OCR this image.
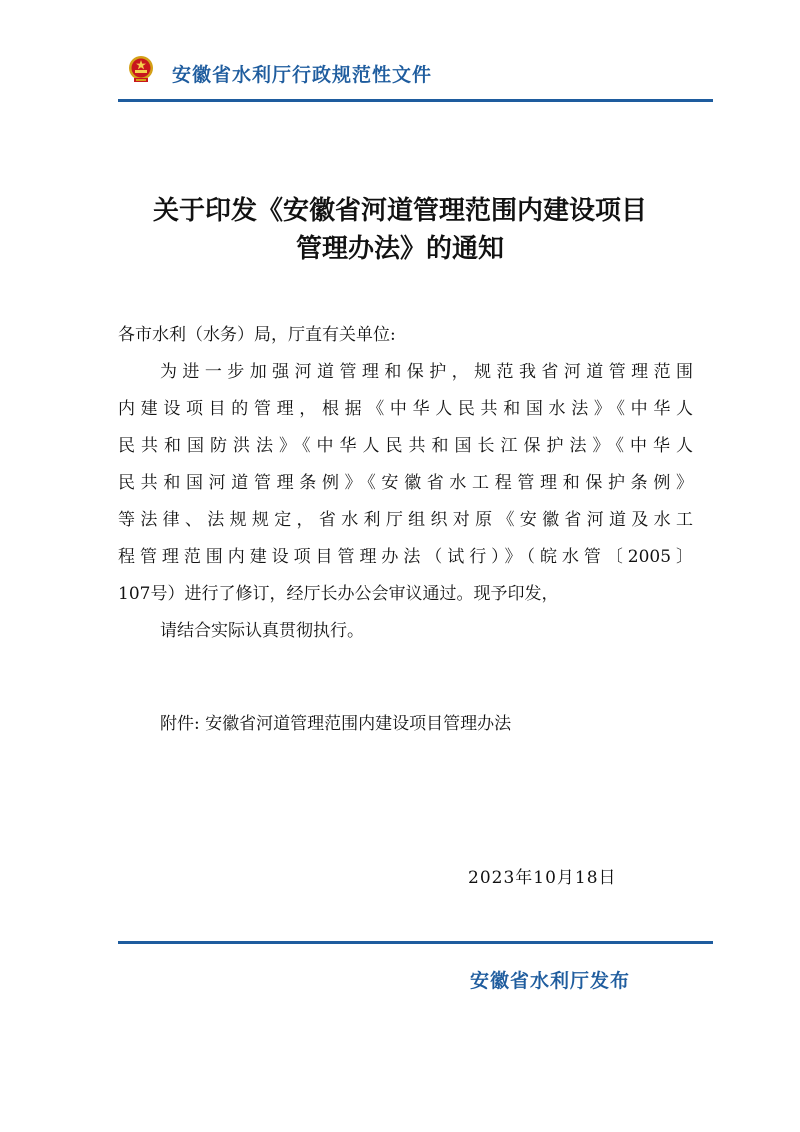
安徽省水利厅行政规范性文件
关于印发《安徽省河道管理范围内建设项目
管理办法》的通知
各市水利（水务）局，厅直有关单位:
为进一步加强河道管理和保护，规范我省河道管理范围
内建设项目的管理，根据《中华人民共和国水法》《中华人
民共和国防洪法》《中华人民共和国长江保护法》《中华人
民共和国河道管理条例》《安徽省水工程管理和保护条例》
等法律、法规规定，省水利厅组织对原《安徽省河道及水工
程管理范围内建设项目管理办法（试行）》（皖水管〔2005〕
107号）进行了修订，经厅长办公会审议通过。现予印发，
请结合实际认真贯彻执行。
附件: 安徽省河道管理范围内建设项目管理办法
2023年10月18日
安徽省水利厅发布
